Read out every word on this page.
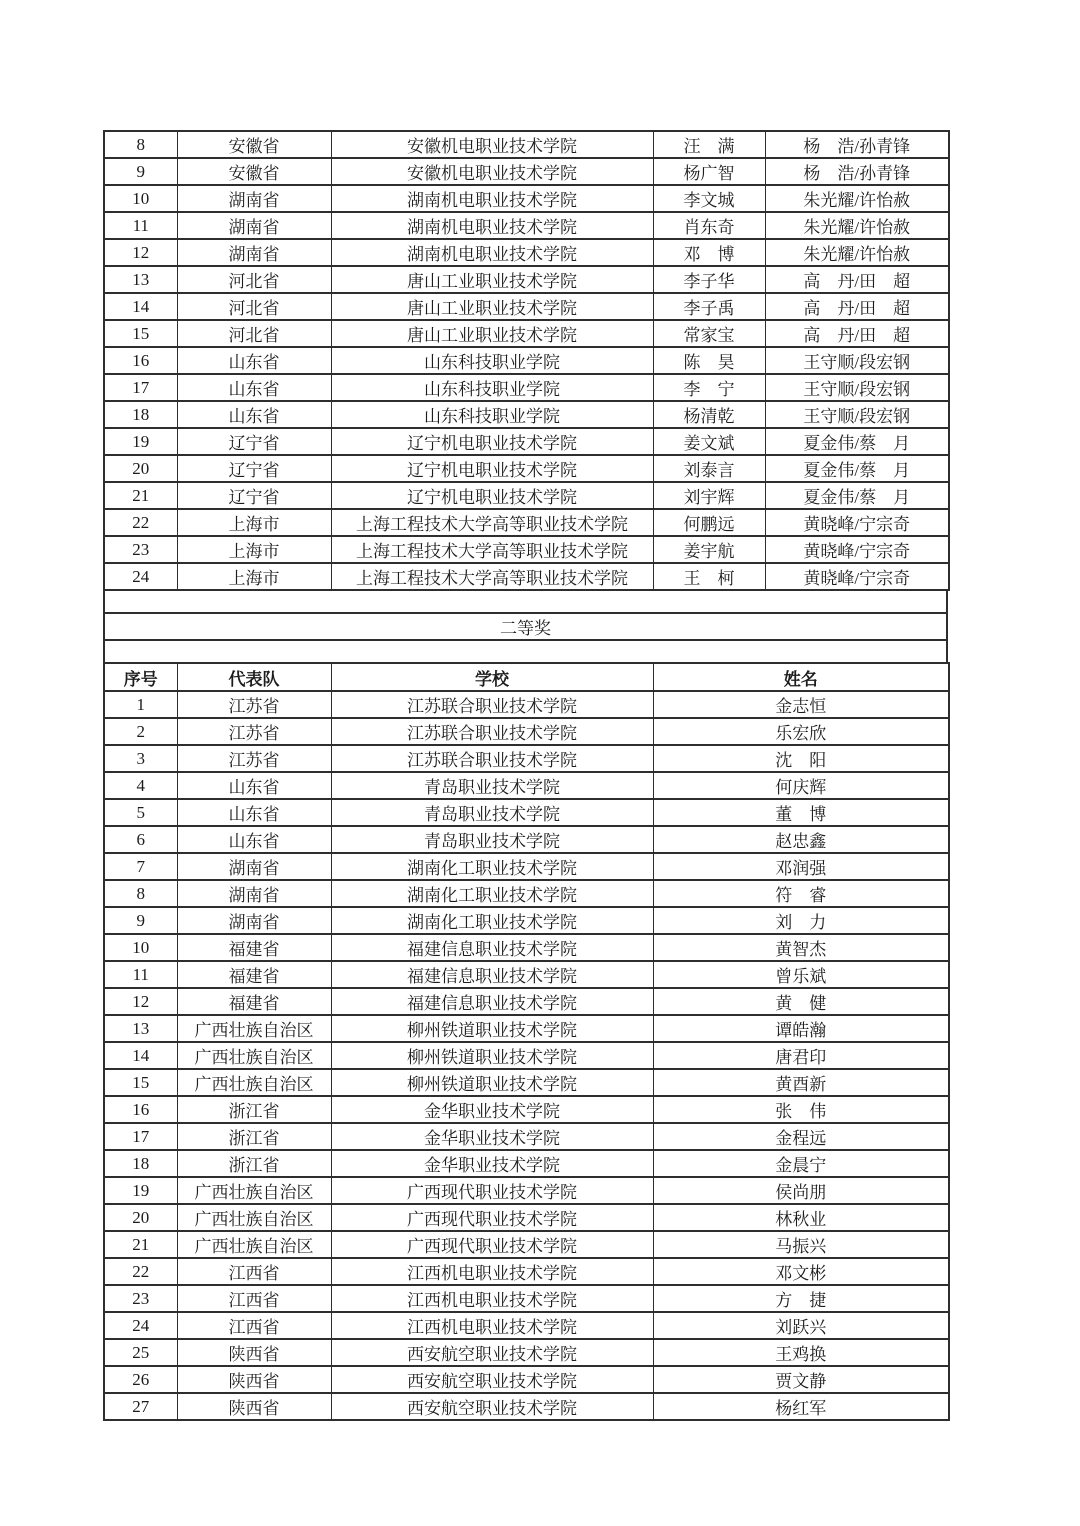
8	安徽省	安徽机电职业技术学院	汪　满	杨　浩/孙青锋
9	安徽省	安徽机电职业技术学院	杨广智	杨　浩/孙青锋
10	湖南省	湖南机电职业技术学院	李文城	朱光耀/许怡赦
11	湖南省	湖南机电职业技术学院	肖东奇	朱光耀/许怡赦
12	湖南省	湖南机电职业技术学院	邓　博	朱光耀/许怡赦
13	河北省	唐山工业职业技术学院	李子华	高　丹/田　超
14	河北省	唐山工业职业技术学院	李子禹	高　丹/田　超
15	河北省	唐山工业职业技术学院	常家宝	高　丹/田　超
16	山东省	山东科技职业学院	陈　昊	王守顺/段宏钢
17	山东省	山东科技职业学院	李　宁	王守顺/段宏钢
18	山东省	山东科技职业学院	杨清乾	王守顺/段宏钢
19	辽宁省	辽宁机电职业技术学院	姜文斌	夏金伟/蔡　月
20	辽宁省	辽宁机电职业技术学院	刘泰言	夏金伟/蔡　月
21	辽宁省	辽宁机电职业技术学院	刘宇辉	夏金伟/蔡　月
22	上海市	上海工程技术大学高等职业技术学院	何鹏远	黄晓峰/宁宗奇
23	上海市	上海工程技术大学高等职业技术学院	姜宇航	黄晓峰/宁宗奇
24	上海市	上海工程技术大学高等职业技术学院	王　柯	黄晓峰/宁宗奇

二等奖

序号	代表队	学校	姓名
1	江苏省	江苏联合职业技术学院	金志恒
2	江苏省	江苏联合职业技术学院	乐宏欣
3	江苏省	江苏联合职业技术学院	沈　阳
4	山东省	青岛职业技术学院	何庆辉
5	山东省	青岛职业技术学院	董　博
6	山东省	青岛职业技术学院	赵忠鑫
7	湖南省	湖南化工职业技术学院	邓润强
8	湖南省	湖南化工职业技术学院	符　睿
9	湖南省	湖南化工职业技术学院	刘　力
10	福建省	福建信息职业技术学院	黄智杰
11	福建省	福建信息职业技术学院	曾乐斌
12	福建省	福建信息职业技术学院	黄　健
13	广西壮族自治区	柳州铁道职业技术学院	谭皓瀚
14	广西壮族自治区	柳州铁道职业技术学院	唐君印
15	广西壮族自治区	柳州铁道职业技术学院	黄酉新
16	浙江省	金华职业技术学院	张　伟
17	浙江省	金华职业技术学院	金程远
18	浙江省	金华职业技术学院	金晨宁
19	广西壮族自治区	广西现代职业技术学院	侯尚朋
20	广西壮族自治区	广西现代职业技术学院	林秋业
21	广西壮族自治区	广西现代职业技术学院	马振兴
22	江西省	江西机电职业技术学院	邓文彬
23	江西省	江西机电职业技术学院	方　捷
24	江西省	江西机电职业技术学院	刘跃兴
25	陕西省	西安航空职业技术学院	王鸡换
26	陕西省	西安航空职业技术学院	贾文静
27	陕西省	西安航空职业技术学院	杨红军
